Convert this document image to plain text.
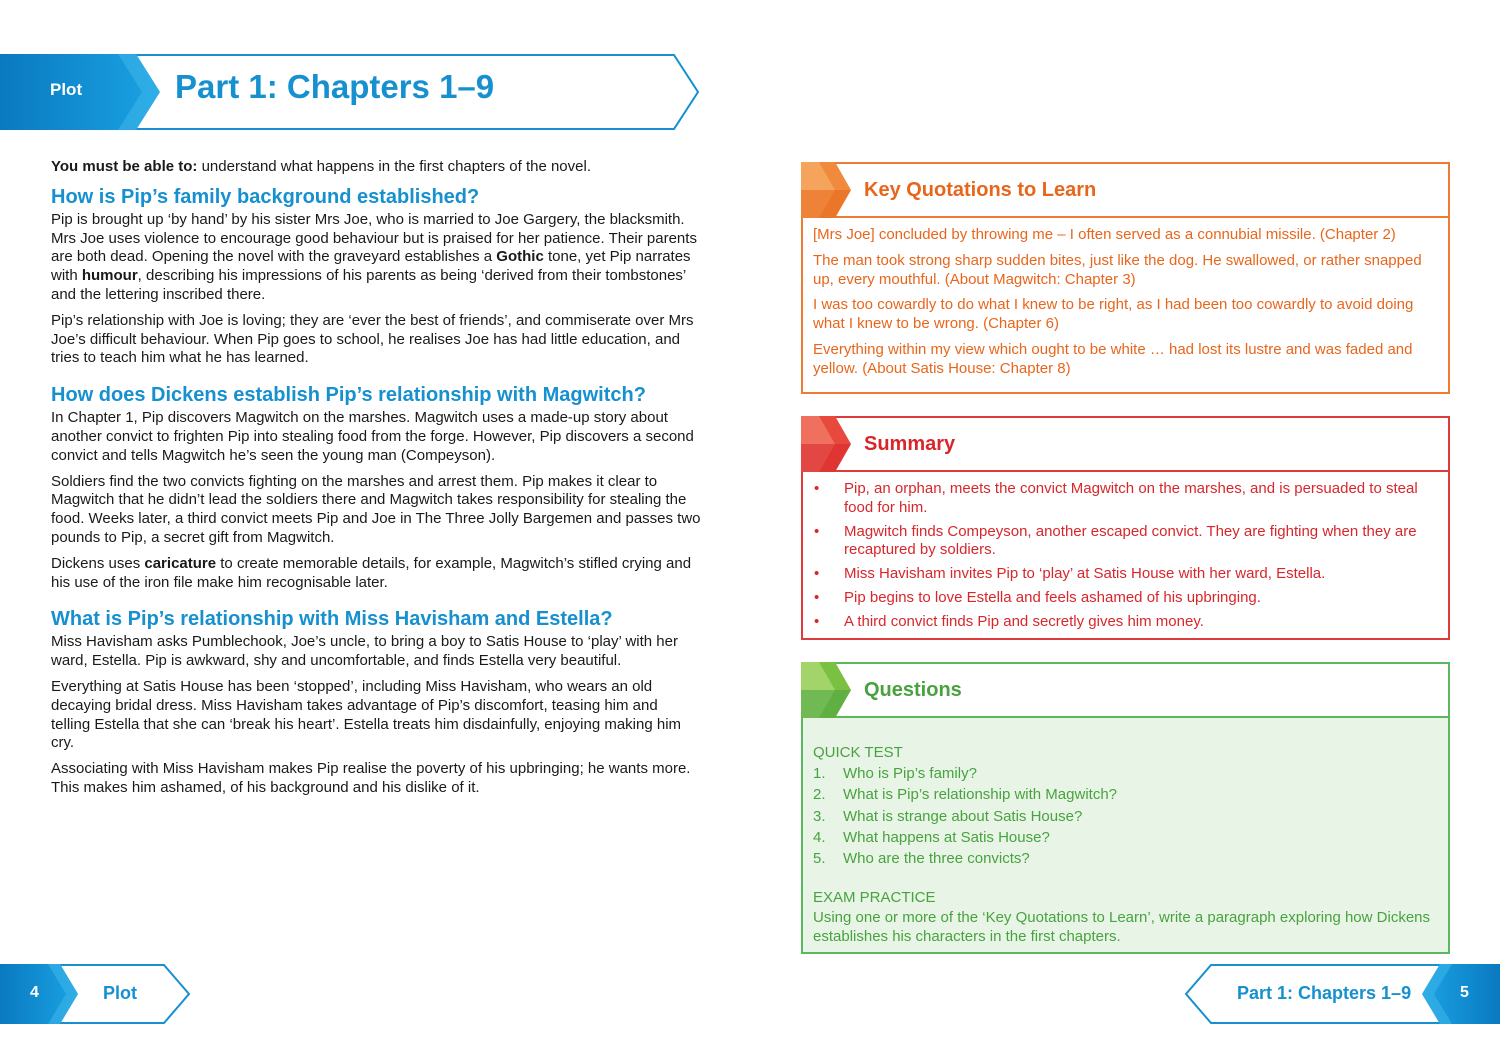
Plot	Part 1: Chapters 1–9

You must be able to: understand what happens in the first chapters of the novel.

How is Pip’s family background established?

Pip is brought up ‘by hand’ by his sister Mrs Joe, who is married to Joe Gargery, the blacksmith. Mrs Joe uses violence to encourage good behaviour but is praised for her patience. Their parents are both dead. Opening the novel with the graveyard establishes a Gothic tone, yet Pip narrates with humour, describing his impressions of his parents as being ‘derived from their tombstones’ and the lettering inscribed there.

Pip’s relationship with Joe is loving; they are ‘ever the best of friends’, and commiserate over Mrs Joe’s difficult behaviour. When Pip goes to school, he realises Joe has had little education, and tries to teach him what he has learned.

How does Dickens establish Pip’s relationship with Magwitch?

In Chapter 1, Pip discovers Magwitch on the marshes. Magwitch uses a made-up story about another convict to frighten Pip into stealing food from the forge. However, Pip discovers a second convict and tells Magwitch he’s seen the young man (Compeyson).

Soldiers find the two convicts fighting on the marshes and arrest them. Pip makes it clear to Magwitch that he didn’t lead the soldiers there and Magwitch takes responsibility for stealing the food. Weeks later, a third convict meets Pip and Joe in The Three Jolly Bargemen and passes two pounds to Pip, a secret gift from Magwitch.

Dickens uses caricature to create memorable details, for example, Magwitch’s stifled crying and his use of the iron file make him recognisable later.

What is Pip’s relationship with Miss Havisham and Estella?

Miss Havisham asks Pumblechook, Joe’s uncle, to bring a boy to Satis House to ‘play’ with her ward, Estella. Pip is awkward, shy and uncomfortable, and finds Estella very beautiful.

Everything at Satis House has been ‘stopped’, including Miss Havisham, who wears an old decaying bridal dress. Miss Havisham takes advantage of Pip’s discomfort, teasing him and telling Estella that she can ‘break his heart’. Estella treats him disdainfully, enjoying making him cry.

Associating with Miss Havisham makes Pip realise the poverty of his upbringing; he wants more. This makes him ashamed, of his background and his dislike of it.

Key Quotations to Learn

[Mrs Joe] concluded by throwing me – I often served as a connubial missile. (Chapter 2)

The man took strong sharp sudden bites, just like the dog. He swallowed, or rather snapped up, every mouthful. (About Magwitch: Chapter 3)

I was too cowardly to do what I knew to be right, as I had been too cowardly to avoid doing what I knew to be wrong. (Chapter 6)

Everything within my view which ought to be white … had lost its lustre and was faded and yellow. (About Satis House: Chapter 8)

Summary
• Pip, an orphan, meets the convict Magwitch on the marshes, and is persuaded to steal food for him.
• Magwitch finds Compeyson, another escaped convict. They are fighting when they are recaptured by soldiers.
• Miss Havisham invites Pip to ‘play’ at Satis House with her ward, Estella.
• Pip begins to love Estella and feels ashamed of his upbringing.
• A third convict finds Pip and secretly gives him money.
Questions
QUICK TEST
1. Who is Pip’s family?
2. What is Pip’s relationship with Magwitch?
3. What is strange about Satis House?
4. What happens at Satis House?
5. Who are the three convicts?
EXAM PRACTICE

Using one or more of the ‘Key Quotations to Learn’, write a paragraph exploring how Dickens establishes his characters in the first chapters.

4	Plot	Part 1: Chapters 1–9	5
